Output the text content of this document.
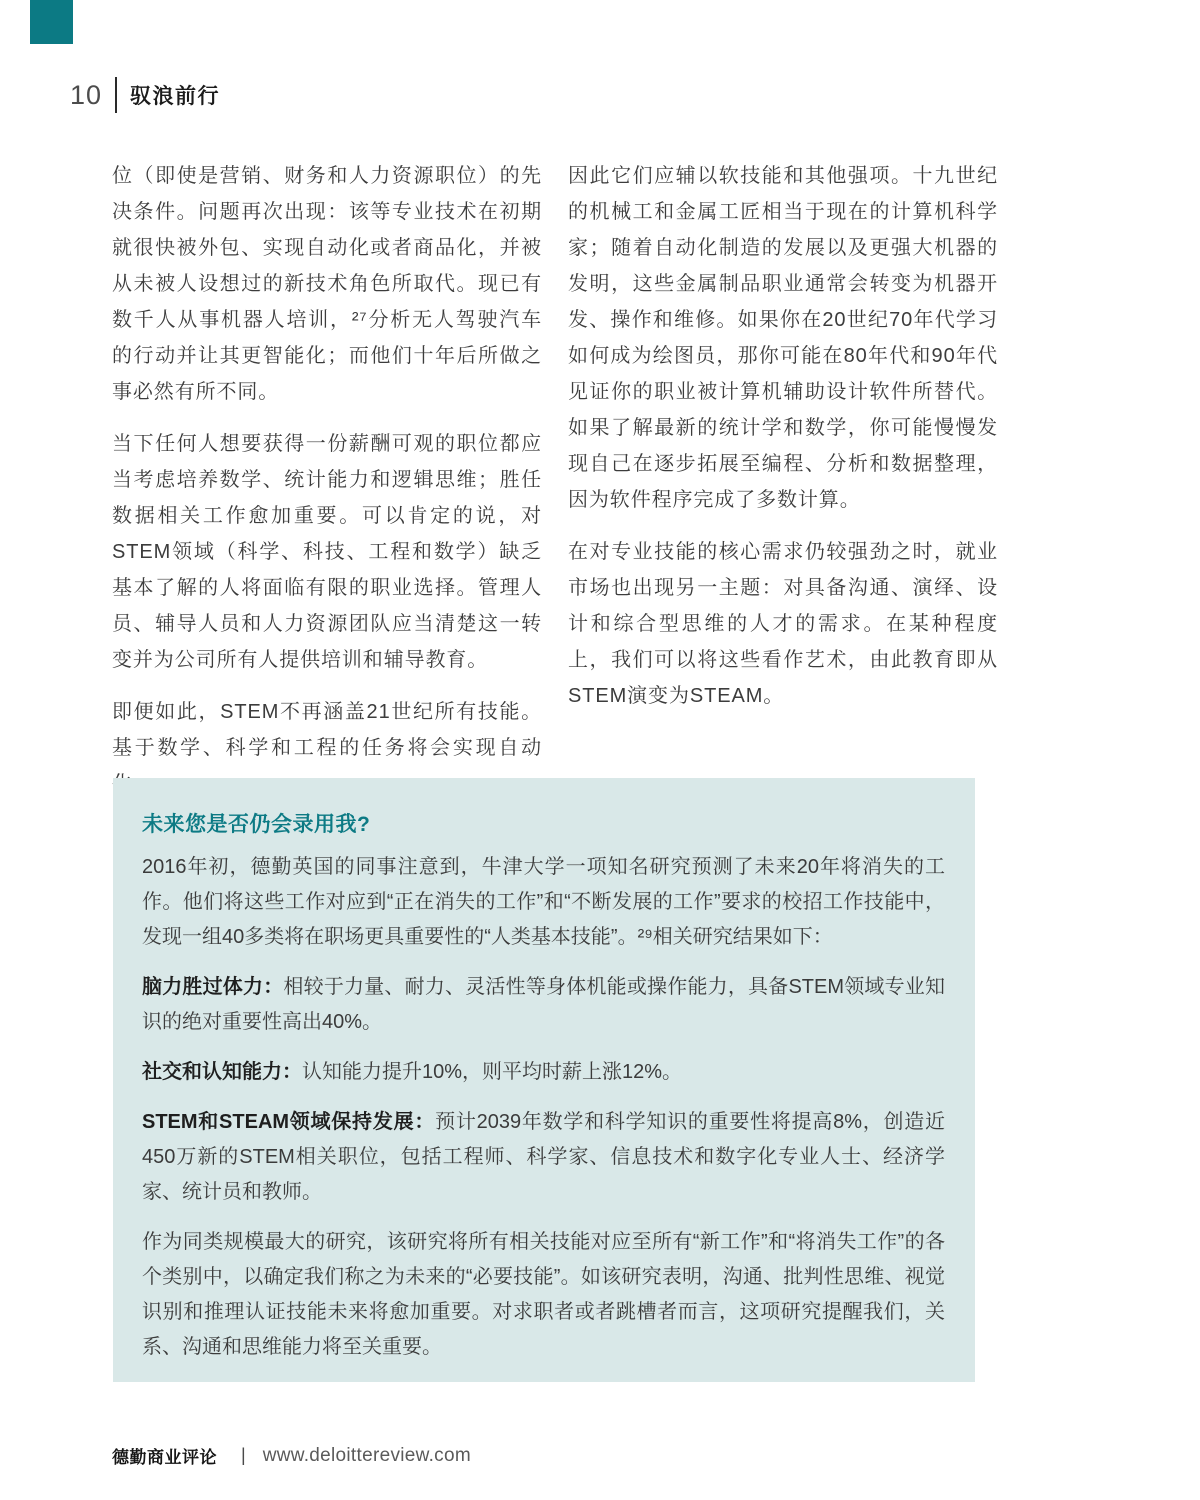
10 驭浪前行

位（即使是营销、财务和人力资源职位）的先决条件。问题再次出现：该等专业技术在初期就很快被外包、实现自动化或者商品化，并被从未被人设想过的新技术角色所取代。现已有数千人从事机器人培训，²⁷分析无人驾驶汽车的行动并让其更智能化；而他们十年后所做之事必然有所不同。

当下任何人想要获得一份薪酬可观的职位都应当考虑培养数学、统计能力和逻辑思维；胜任数据相关工作愈加重要。可以肯定的说，对STEM领域（科学、科技、工程和数学）缺乏基本了解的人将面临有限的职业选择。管理人员、辅导人员和人力资源团队应当清楚这一转变并为公司所有人提供培训和辅导教育。

即便如此，STEM不再涵盖21世纪所有技能。基于数学、科学和工程的任务将会实现自动

因此它们应辅以软技能和其他强项。十九世纪的机械工和金属工匠相当于现在的计算机科学家；随着自动化制造的发展以及更强大机器的发明，这些金属制品职业通常会转变为机器开发、操作和维修。如果你在20世纪70年代学习如何成为绘图员，那你可能在80年代和90年代见证你的职业被计算机辅助设计软件所替代。如果了解最新的统计学和数学，你可能慢慢发现自己在逐步拓展至编程、分析和数据整理，因为软件程序完成了多数计算。

在对专业技能的核心需求仍较强劲之时，就业市场也出现另一主题：对具备沟通、演绎、设计和综合型思维的人才的需求。在某种程度上，我们可以将这些看作艺术，由此教育即从STEM演变为STEAM。

未来您是否仍会录用我?

2016年初，德勤英国的同事注意到，牛津大学一项知名研究预测了未来20年将消失的工作。他们将这些工作对应到“正在消失的工作”和“不断发展的工作”要求的校招工作技能中，发现一组40多类将在职场更具重要性的“人类基本技能”。²⁹相关研究结果如下：

脑力胜过体力：相较于力量、耐力、灵活性等身体机能或操作能力，具备STEM领域专业知识的绝对重要性高出40%。

社交和认知能力：认知能力提升10%，则平均时薪上涨12%。

STEM和STEAM领域保持发展：预计2039年数学和科学知识的重要性将提高8%，创造近450万新的STEM相关职位，包括工程师、科学家、信息技术和数字化专业人士、经济学家、统计员和教师。

作为同类规模最大的研究，该研究将所有相关技能对应至所有“新工作”和“将消失工作”的各个类别中，以确定我们称之为未来的“必要技能”。如该研究表明，沟通、批判性思维、视觉识别和推理认证技能未来将愈加重要。对求职者或者跳槽者而言，这项研究提醒我们，关系、沟通和思维能力将至关重要。

德勤商业评论 | www.deloittereview.com
